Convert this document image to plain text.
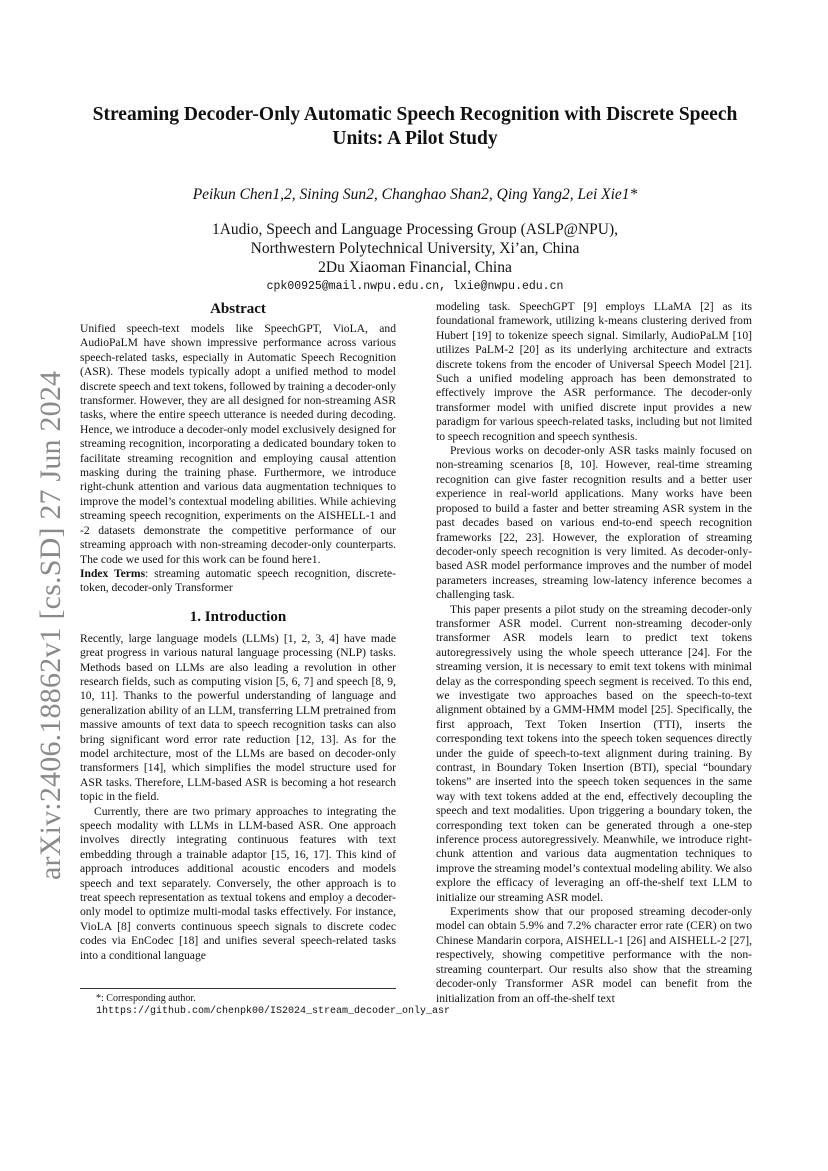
arXiv:2406.18862v1 [cs.SD] 27 Jun 2024
Streaming Decoder-Only Automatic Speech Recognition with Discrete Speech
Units: A Pilot Study
Peikun Chen1,2, Sining Sun2, Changhao Shan2, Qing Yang2, Lei Xie1*
1Audio, Speech and Language Processing Group (ASLP@NPU),
Northwestern Polytechnical University, Xi’an, China
2Du Xiaoman Financial, China
cpk00925@mail.nwpu.edu.cn, lxie@nwpu.edu.cn
Abstract

Unified speech-text models like SpeechGPT, VioLA, and AudioPaLM have shown impressive performance across various speech-related tasks, especially in Automatic Speech Recognition (ASR). These models typically adopt a unified method to model discrete speech and text tokens, followed by training a decoder-only transformer. However, they are all designed for non-streaming ASR tasks, where the entire speech utterance is needed during decoding. Hence, we introduce a decoder-only model exclusively designed for streaming recognition, incorporating a dedicated boundary token to facilitate streaming recognition and employing causal attention masking during the training phase. Furthermore, we introduce right-chunk attention and various data augmentation techniques to improve the model’s contextual modeling abilities. While achieving streaming speech recognition, experiments on the AISHELL-1 and -2 datasets demonstrate the competitive performance of our streaming approach with non-streaming decoder-only counterparts. The code we used for this work can be found here1.

Index Terms: streaming automatic speech recognition, discrete-token, decoder-only Transformer

1. Introduction

Recently, large language models (LLMs) [1, 2, 3, 4] have made great progress in various natural language processing (NLP) tasks. Methods based on LLMs are also leading a revolution in other research fields, such as computing vision [5, 6, 7] and speech [8, 9, 10, 11]. Thanks to the powerful understanding of language and generalization ability of an LLM, transferring LLM pretrained from massive amounts of text data to speech recognition tasks can also bring significant word error rate reduction [12, 13]. As for the model architecture, most of the LLMs are based on decoder-only transformers [14], which simplifies the model structure used for ASR tasks. Therefore, LLM-based ASR is becoming a hot research topic in the field.

Currently, there are two primary approaches to integrating the speech modality with LLMs in LLM-based ASR. One approach involves directly integrating continuous features with text embedding through a trainable adaptor [15, 16, 17]. This kind of approach introduces additional acoustic encoders and models speech and text separately. Conversely, the other approach is to treat speech representation as textual tokens and employ a decoder-only model to optimize multi-modal tasks effectively. For instance, VioLA [8] converts continuous speech signals to discrete codec codes via EnCodec [18] and unifies several speech-related tasks into a conditional language

*: Corresponding author.
1https://github.com/chenpk00/IS2024_stream_decoder_only_asr

modeling task. SpeechGPT [9] employs LLaMA [2] as its foundational framework, utilizing k-means clustering derived from Hubert [19] to tokenize speech signal. Similarly, AudioPaLM [10] utilizes PaLM-2 [20] as its underlying architecture and extracts discrete tokens from the encoder of Universal Speech Model [21]. Such a unified modeling approach has been demonstrated to effectively improve the ASR performance. The decoder-only transformer model with unified discrete input provides a new paradigm for various speech-related tasks, including but not limited to speech recognition and speech synthesis.

Previous works on decoder-only ASR tasks mainly focused on non-streaming scenarios [8, 10]. However, real-time streaming recognition can give faster recognition results and a better user experience in real-world applications. Many works have been proposed to build a faster and better streaming ASR system in the past decades based on various end-to-end speech recognition frameworks [22, 23]. However, the exploration of streaming decoder-only speech recognition is very limited. As decoder-only-based ASR model performance improves and the number of model parameters increases, streaming low-latency inference becomes a challenging task.

This paper presents a pilot study on the streaming decoder-only transformer ASR model. Current non-streaming decoder-only transformer ASR models learn to predict text tokens autoregressively using the whole speech utterance [24]. For the streaming version, it is necessary to emit text tokens with minimal delay as the corresponding speech segment is received. To this end, we investigate two approaches based on the speech-to-text alignment obtained by a GMM-HMM model [25]. Specifically, the first approach, Text Token Insertion (TTI), inserts the corresponding text tokens into the speech token sequences directly under the guide of speech-to-text alignment during training. By contrast, in Boundary Token Insertion (BTI), special “boundary tokens” are inserted into the speech token sequences in the same way with text tokens added at the end, effectively decoupling the speech and text modalities. Upon triggering a boundary token, the corresponding text token can be generated through a one-step inference process autoregressively. Meanwhile, we introduce right-chunk attention and various data augmentation techniques to improve the streaming model’s contextual modeling ability. We also explore the efficacy of leveraging an off-the-shelf text LLM to initialize our streaming ASR model.

Experiments show that our proposed streaming decoder-only model can obtain 5.9% and 7.2% character error rate (CER) on two Chinese Mandarin corpora, AISHELL-1 [26] and AISHELL-2 [27], respectively, showing competitive performance with the non-streaming counterpart. Our results also show that the streaming decoder-only Transformer ASR model can benefit from the initialization from an off-the-shelf text
